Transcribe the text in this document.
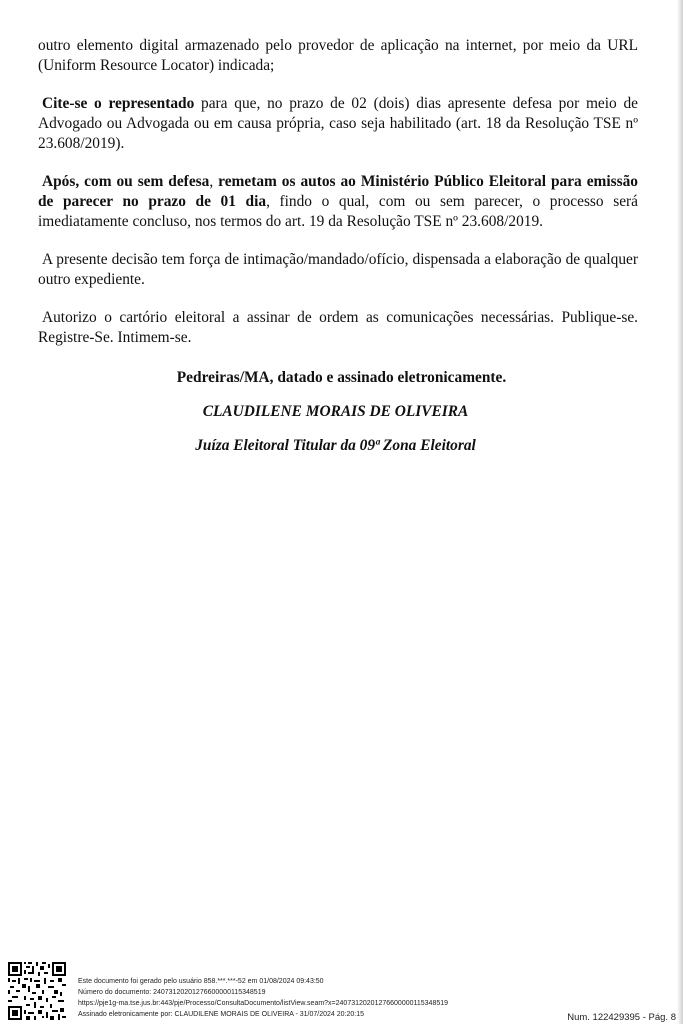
outro elemento digital armazenado pelo provedor de aplicação na internet, por meio da URL (Uniform Resource Locator) indicada;

Cite-se o representado para que, no prazo de 02 (dois) dias apresente defesa por meio de Advogado ou Advogada ou em causa própria, caso seja habilitado (art. 18 da Resolução TSE nº 23.608/2019).

Após, com ou sem defesa, remetam os autos ao Ministério Público Eleitoral para emissão de parecer no prazo de 01 dia, findo o qual, com ou sem parecer, o processo será imediatamente concluso, nos termos do art. 19 da Resolução TSE nº 23.608/2019.

A presente decisão tem força de intimação/mandado/ofício, dispensada a elaboração de qualquer outro expediente.

Autorizo o cartório eleitoral a assinar de ordem as comunicações necessárias. Publique-se. Registre-Se. Intimem-se.

Pedreiras/MA, datado e assinado eletronicamente.
CLAUDILENE MORAIS DE OLIVEIRA
Juíza Eleitoral Titular da 09ª Zona Eleitoral
Este documento foi gerado pelo usuário 858.***.***-52 em 01/08/2024 09:43:50
Número do documento: 24073120201276600000115348519
https://pje1g-ma.tse.jus.br:443/pje/Processo/ConsultaDocumento/listView.seam?x=24073120201276600000115348519
Assinado eletronicamente por: CLAUDILENE MORAIS DE OLIVEIRA - 31/07/2024 20:20:15	Num. 122429395 - Pág. 8
